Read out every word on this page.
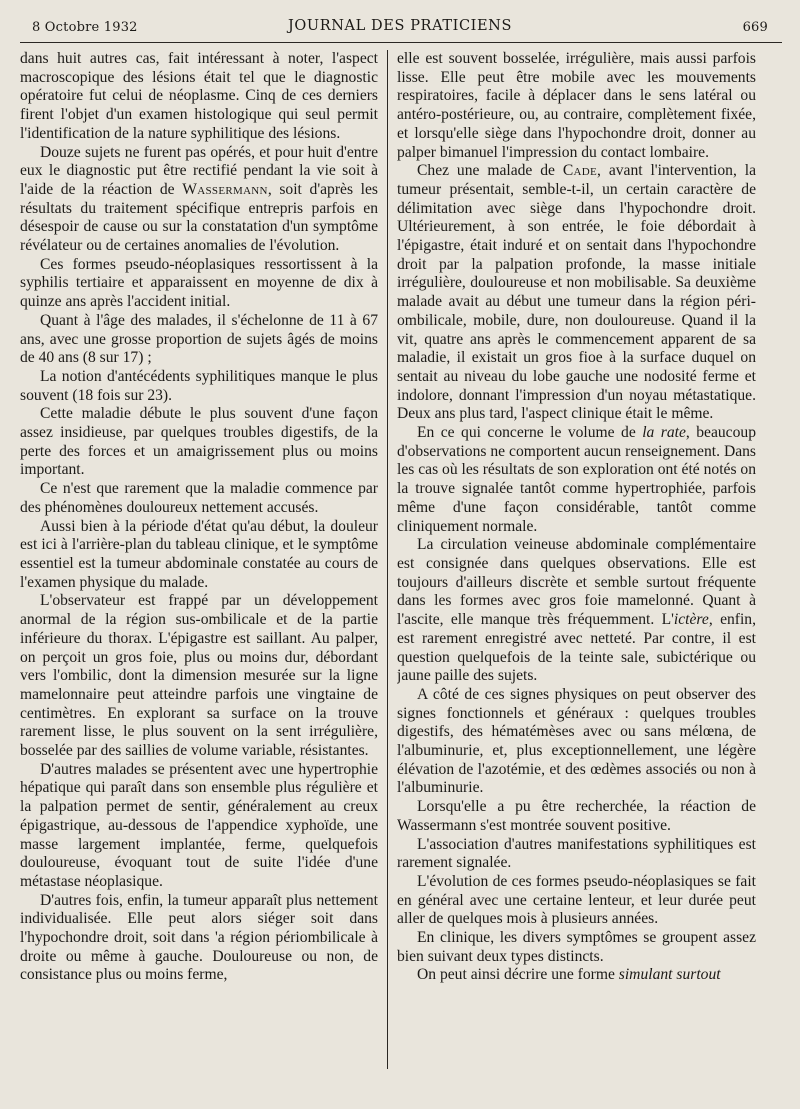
8 Octobre 1932	JOURNAL DES PRATICIENS	669

dans huit autres cas, fait intéressant à noter, l'aspect macroscopique des lésions était tel que le diagnostic opératoire fut celui de néoplasme. Cinq de ces derniers firent l'objet d'un examen histologique qui seul permit l'identification de la nature syphilitique des lésions.

Douze sujets ne furent pas opérés, et pour huit d'entre eux le diagnostic put être rectifié pendant la vie soit à l'aide de la réaction de Wassermann, soit d'après les résultats du traitement spécifique entrepris parfois en désespoir de cause ou sur la constatation d'un symptôme révélateur ou de certaines anomalies de l'évolution.

Ces formes pseudo-néoplasiques ressortissent à la syphilis tertiaire et apparaissent en moyenne de dix à quinze ans après l'accident initial.

Quant à l'âge des malades, il s'échelonne de 11 à 67 ans, avec une grosse proportion de sujets âgés de moins de 40 ans (8 sur 17) ;

La notion d'antécédents syphilitiques manque le plus souvent (18 fois sur 23).

Cette maladie débute le plus souvent d'une façon assez insidieuse, par quelques troubles digestifs, de la perte des forces et un amaigrissement plus ou moins important.

Ce n'est que rarement que la maladie commence par des phénomènes douloureux nettement accusés.

Aussi bien à la période d'état qu'au début, la douleur est ici à l'arrière-plan du tableau clinique, et le symptôme essentiel est la tumeur abdominale constatée au cours de l'examen physique du malade.

L'observateur est frappé par un développement anormal de la région sus-ombilicale et de la partie inférieure du thorax. L'épigastre est saillant. Au palper, on perçoit un gros foie, plus ou moins dur, débordant vers l'ombilic, dont la dimension mesurée sur la ligne mamelonnaire peut atteindre parfois une vingtaine de centimètres. En explorant sa surface on la trouve rarement lisse, le plus souvent on la sent irrégulière, bosselée par des saillies de volume variable, résistantes.

D'autres malades se présentent avec une hypertrophie hépatique qui paraît dans son ensemble plus régulière et la palpation permet de sentir, généralement au creux épigastrique, au-dessous de l'appendice xyphoïde, une masse largement implantée, ferme, quelquefois douloureuse, évoquant tout de suite l'idée d'une métastase néoplasique.

D'autres fois, enfin, la tumeur apparaît plus nettement individualisée. Elle peut alors siéger soit dans l'hypochondre droit, soit dans 'a région périombilicale à droite ou même à gauche. Douloureuse ou non, de consistance plus ou moins ferme,

elle est souvent bosselée, irrégulière, mais aussi parfois lisse. Elle peut être mobile avec les mouvements respiratoires, facile à déplacer dans le sens latéral ou antéro-postérieure, ou, au contraire, complètement fixée, et lorsqu'elle siège dans l'hypochondre droit, donner au palper bimanuel l'impression du contact lombaire.

Chez une malade de Cade, avant l'intervention, la tumeur présentait, semble-t-il, un certain caractère de délimitation avec siège dans l'hypochondre droit. Ultérieurement, à son entrée, le foie débordait à l'épigastre, était induré et on sentait dans l'hypochondre droit par la palpation profonde, la masse initiale irrégulière, douloureuse et non mobilisable. Sa deuxième malade avait au début une tumeur dans la région péri-ombilicale, mobile, dure, non douloureuse. Quand il la vit, quatre ans après le commencement apparent de sa maladie, il existait un gros fioe à la surface duquel on sentait au niveau du lobe gauche une nodosité ferme et indolore, donnant l'impression d'un noyau métastatique. Deux ans plus tard, l'aspect clinique était le même.

En ce qui concerne le volume de la rate, beaucoup d'observations ne comportent aucun renseignement. Dans les cas où les résultats de son exploration ont été notés on la trouve signalée tantôt comme hypertrophiée, parfois même d'une façon considérable, tantôt comme cliniquement normale.

La circulation veineuse abdominale complémentaire est consignée dans quelques observations. Elle est toujours d'ailleurs discrète et semble surtout fréquente dans les formes avec gros foie mamelonné. Quant à l'ascite, elle manque très fréquemment. L'ictère, enfin, est rarement enregistré avec netteté. Par contre, il est question quelquefois de la teinte sale, subictérique ou jaune paille des sujets.

A côté de ces signes physiques on peut observer des signes fonctionnels et généraux : quelques troubles digestifs, des hématémèses avec ou sans mélœna, de l'albuminurie, et, plus exceptionnellement, une légère élévation de l'azotémie, et des œdèmes associés ou non à l'albuminurie.

Lorsqu'elle a pu être recherchée, la réaction de Wassermann s'est montrée souvent positive.

L'association d'autres manifestations syphilitiques est rarement signalée.

L'évolution de ces formes pseudo-néoplasiques se fait en général avec une certaine lenteur, et leur durée peut aller de quelques mois à plusieurs années.

En clinique, les divers symptômes se groupent assez bien suivant deux types distincts.

On peut ainsi décrire une forme simulant surtout
